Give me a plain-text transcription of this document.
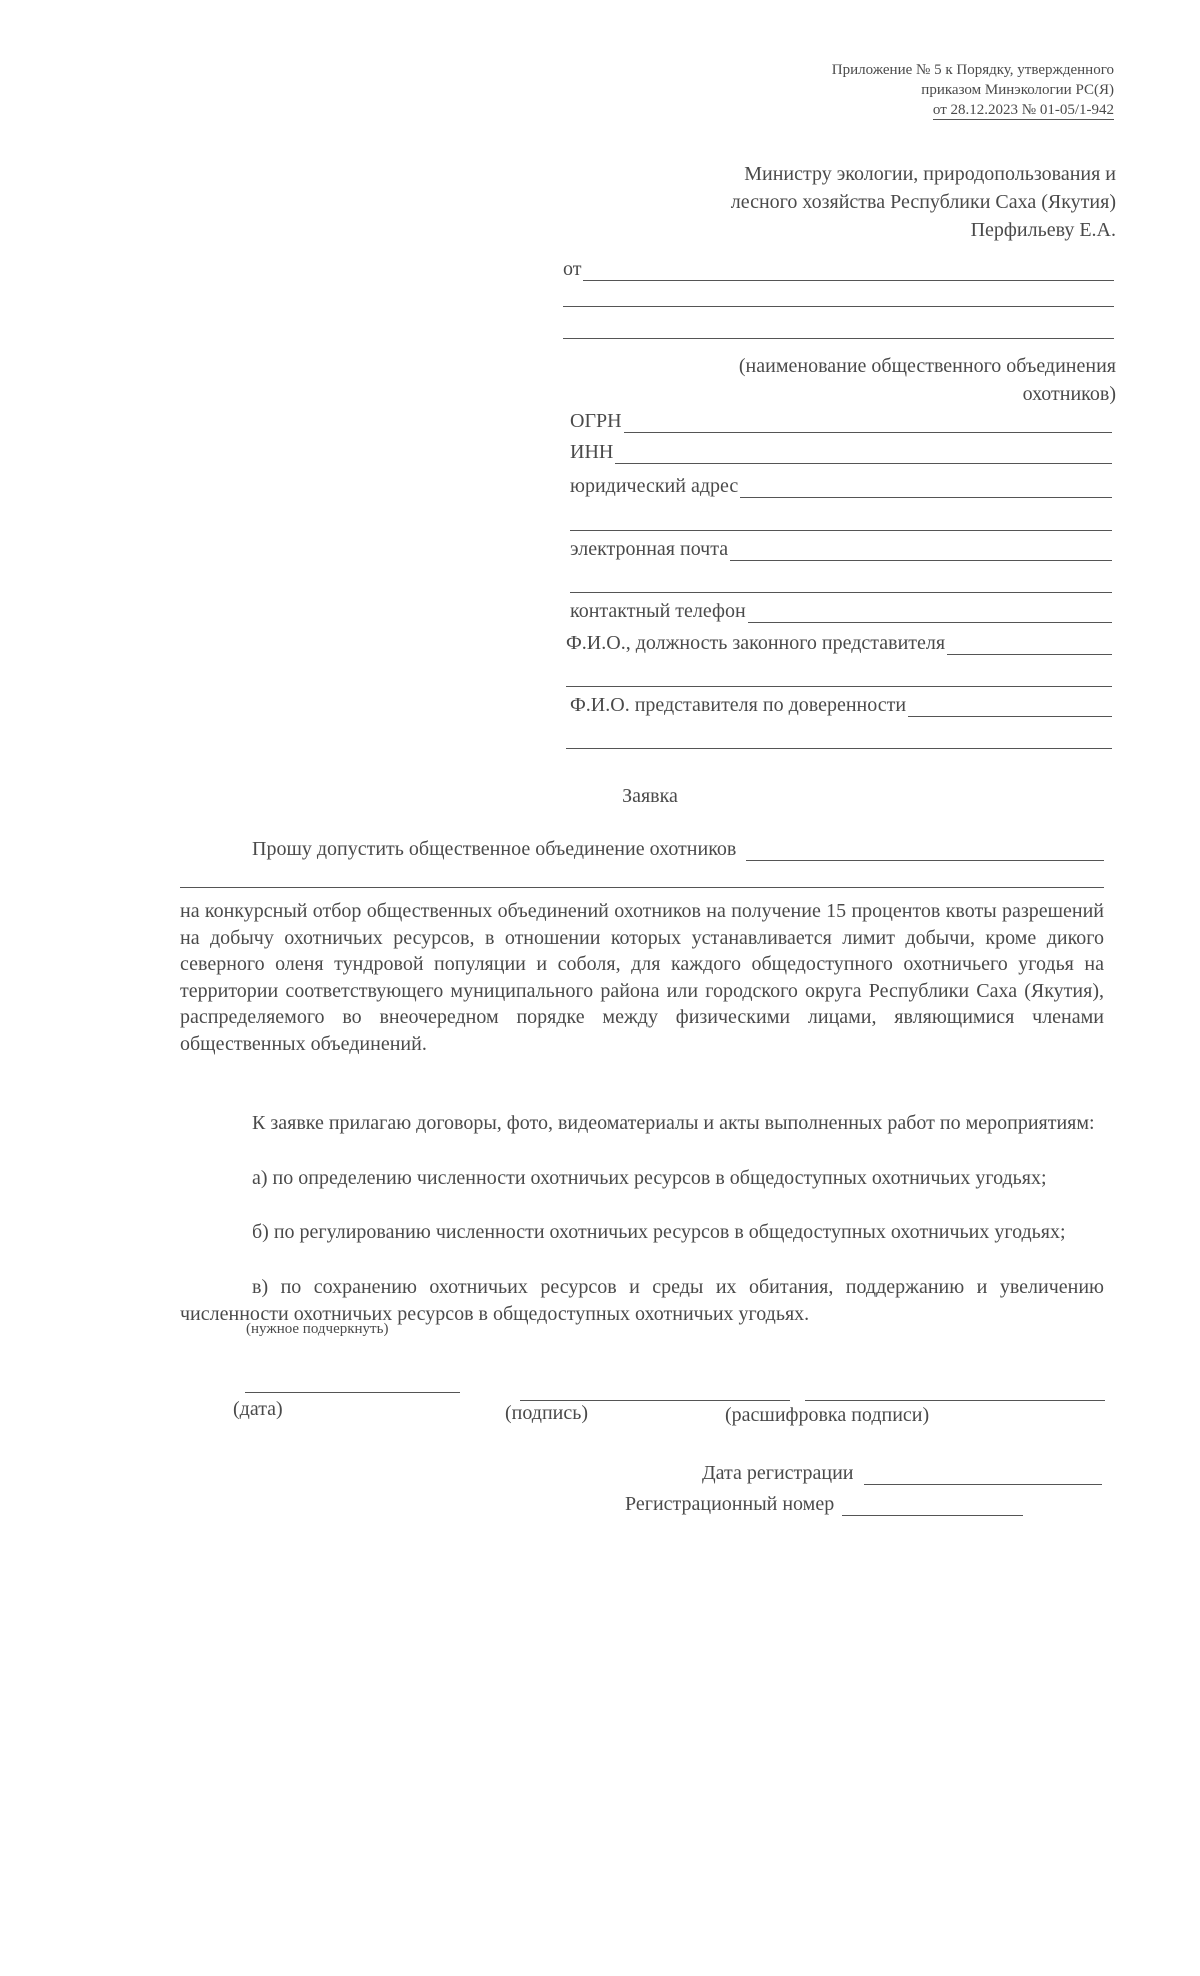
Приложение № 5 к Порядку, утвержденного
приказом Минэкологии РС(Я)
от 28.12.2023 № 01-05/1-942
Министру экологии, природопользования и
лесного хозяйства Республики Саха (Якутия)
Перфильеву Е.А.
от
(наименование общественного объединения
охотников)
ОГРН
ИНН
юридический адрес
электронная почта
контактный телефон
Ф.И.О., должность законного представителя
Ф.И.О. представителя по доверенности
Заявка
Прошу допустить общественное объединение охотников
на конкурсный отбор общественных объединений охотников на получение 15 процентов квоты разрешений на добычу охотничьих ресурсов, в отношении которых устанавливается лимит добычи, кроме дикого северного оленя тундровой популяции и соболя, для каждого общедоступного охотничьего угодья на территории соответствующего муниципального района или городского округа Республики Саха (Якутия), распределяемого во внеочередном порядке между физическими лицами, являющимися членами общественных объединений.
К заявке прилагаю договоры, фото, видеоматериалы и акты выполненных работ по мероприятиям:
а) по определению численности охотничьих ресурсов в общедоступных охотничьих угодьях;
б) по регулированию численности охотничьих ресурсов в общедоступных охотничьих угодьях;
в) по сохранению охотничьих ресурсов и среды их обитания, поддержанию и увеличению численности охотничьих ресурсов в общедоступных охотничьих угодьях.
(нужное подчеркнуть)
(дата)	(подпись)	(расшифровка подписи)
Дата регистрации
Регистрационный номер
